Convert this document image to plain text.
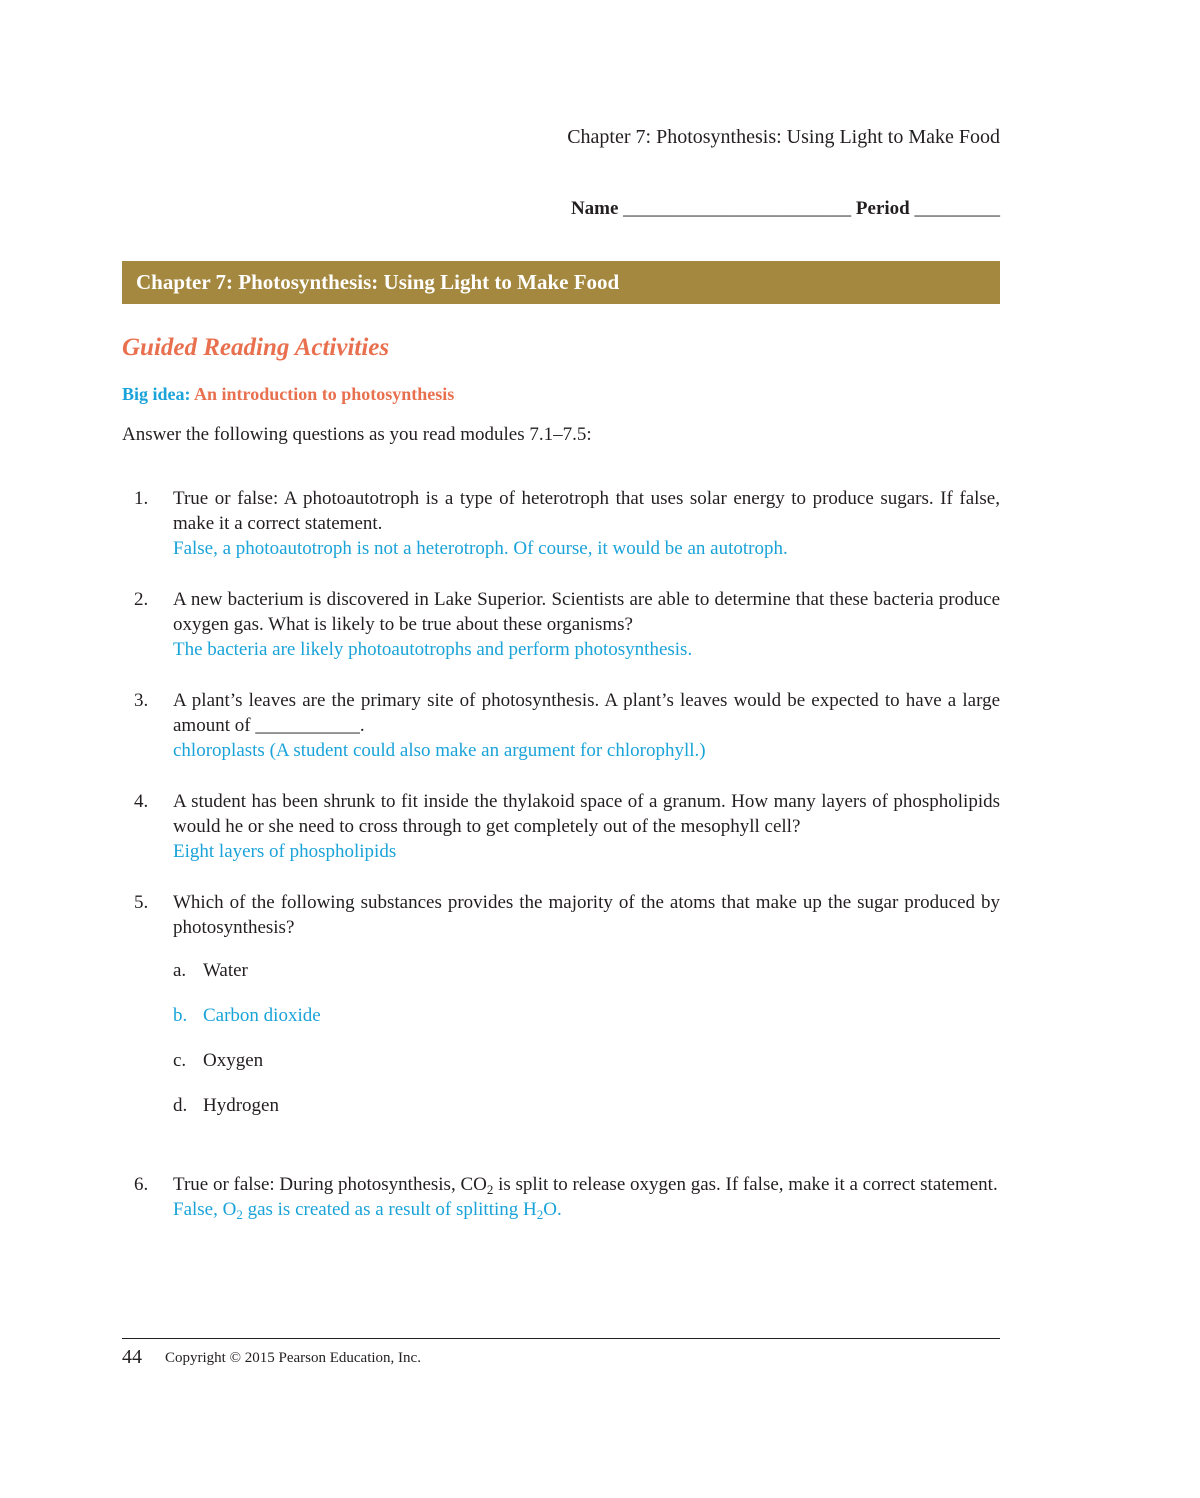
Chapter 7: Photosynthesis: Using Light to Make Food
Name ________________________ Period _________
Chapter 7: Photosynthesis: Using Light to Make Food
Guided Reading Activities
Big idea: An introduction to photosynthesis
Answer the following questions as you read modules 7.1–7.5:
1. True or false: A photoautotroph is a type of heterotroph that uses solar energy to produce sugars. If false, make it a correct statement.
False, a photoautotroph is not a heterotroph. Of course, it would be an autotroph.
2. A new bacterium is discovered in Lake Superior. Scientists are able to determine that these bacteria produce oxygen gas. What is likely to be true about these organisms?
The bacteria are likely photoautotrophs and perform photosynthesis.
3. A plant’s leaves are the primary site of photosynthesis. A plant’s leaves would be expected to have a large amount of ___________.
chloroplasts (A student could also make an argument for chlorophyll.)
4. A student has been shrunk to fit inside the thylakoid space of a granum. How many layers of phospholipids would he or she need to cross through to get completely out of the mesophyll cell?
Eight layers of phospholipids
5. Which of the following substances provides the majority of the atoms that make up the sugar produced by photosynthesis?
a. Water
b. Carbon dioxide
c. Oxygen
d. Hydrogen
6. True or false: During photosynthesis, $CO_2$ is split to release oxygen gas. If false, make it a correct statement.
False, $O_2$ gas is created as a result of splitting $H_2O$.
44 Copyright © 2015 Pearson Education, Inc.
